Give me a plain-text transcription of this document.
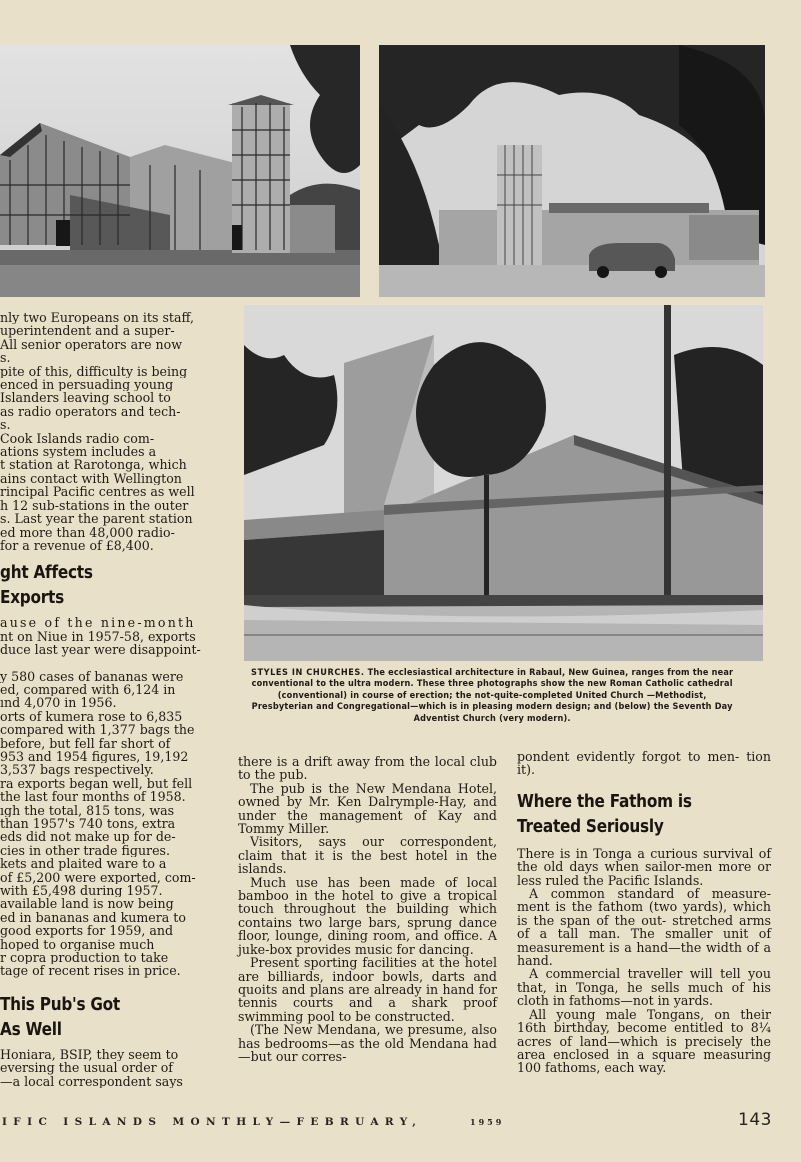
nly two Europeans on its staff,

uperintendent and a super-

All senior operators are now

s.

pite of this, difficulty is being

enced in persuading young

Islanders leaving school to

as radio operators and tech-

s.

Cook Islands radio com-

ations system includes a

t station at Rarotonga, which

ains contact with Wellington

rincipal Pacific centres as well

h 12 sub-stations in the outer

s. Last year the parent station

ed more than 48,000 radio-

for a revenue of £8,400.

ght Affects
Exports

ause of the nine-month

nt on Niue in 1957-58, exports

duce last year were disappoint-

y 580 cases of bananas were

ed, compared with 6,124 in

ınd 4,070 in 1956.

orts of kumera rose to 6,835

compared with 1,377 bags the

before, but fell far short of

953 and 1954 figures, 19,192

3,537 bags respectively.

ra exports began well, but fell

the last four months of 1958.

ıgh the total, 815 tons, was

than 1957's 740 tons, extra

eds did not make up for de-

cies in other trade figures.

kets and plaited ware to a

of £5,200 were exported, com-

with £5,498 during 1957.

available land is now being

ed in bananas and kumera to

good exports for 1959, and

hoped to organise much

r copra production to take

tage of recent rises in price.

This Pub's Got
As Well

Honiara, BSIP, they seem to

eversing the usual order of

—a local correspondent says

STYLES IN CHURCHES. The ecclesiastical architecture in Rabaul, New Guinea, ranges from the near conventional to the ultra modern. These three photographs show the new Roman Catholic cathedral (conventional) in course of erection; the not-quite-completed United Church —Methodist, Presbyterian and Congregational—which is in pleasing modern design; and (below) the Seventh Day Adventist Church (very modern).

there is a drift away from the local club to the pub.

The pub is the New Mendana Hotel, owned by Mr. Ken Dalrymple-Hay, and under the management of Kay and Tommy Miller.

Visitors, says our correspondent, claim that it is the best hotel in the islands.

Much use has been made of local bamboo in the hotel to give a tropical touch throughout the building which contains two large bars, sprung dance floor, lounge, dining room, and office. A juke-box provides music for dancing.

Present sporting facilities at the hotel are billiards, indoor bowls, darts and quoits and plans are already in hand for tennis courts and a shark proof swimming pool to be constructed.

(The New Mendana, we presume, also has bedrooms—as the old Mendana had—but our corres-

pondent evidently forgot to men- tion it).

Where the Fathom is
Treated Seriously

There is in Tonga a curious survival of the old days when sailor-men more or less ruled the Pacific Islands.

A common standard of measure- ment is the fathom (two yards), which is the span of the out- stretched arms of a tall man. The smaller unit of measurement is a hand—the width of a hand.

A commercial traveller will tell you that, in Tonga, he sells much of his cloth in fathoms—not in yards.

All young male Tongans, on their 16th birthday, become entitled to 8¼ acres of land—which is precisely the area enclosed in a square measuring 100 fathoms, each way.

IFIC ISLANDS MONTHLY—FEBRUARY,	1959	143
